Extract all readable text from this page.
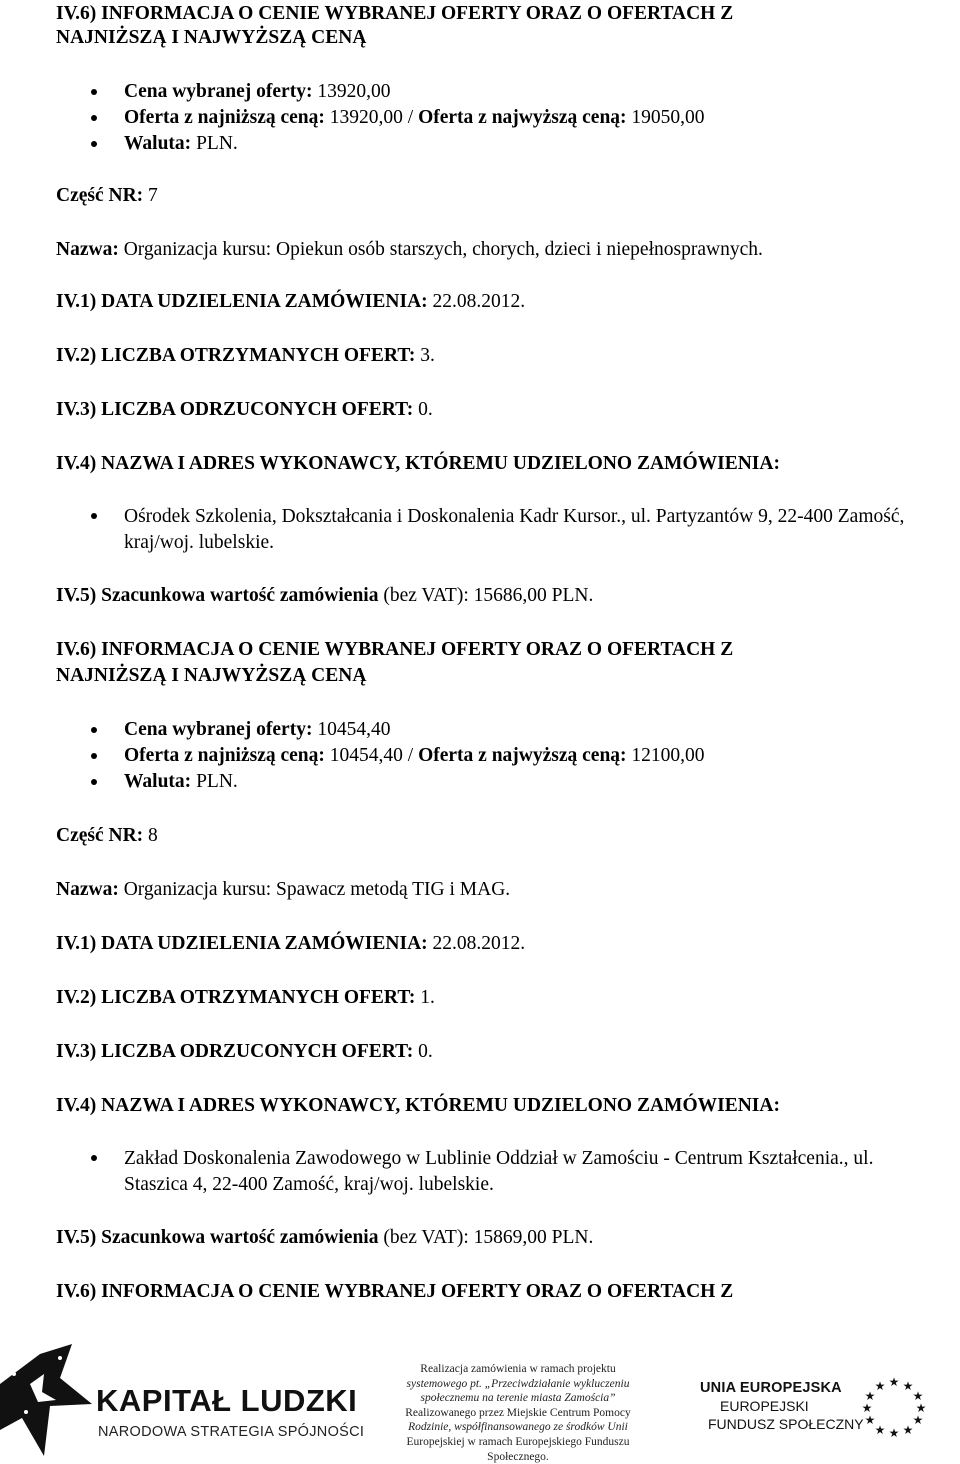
IV.6) INFORMACJA O CENIE WYBRANEJ OFERTY ORAZ O OFERTACH Z
NAJNIŻSZĄ I NAJWYŻSZĄ CENĄ
Cena wybranej oferty: 13920,00
Oferta z najniższą ceną: 13920,00 / Oferta z najwyższą ceną: 19050,00
Waluta: PLN.
Część NR: 7
Nazwa: Organizacja kursu: Opiekun osób starszych, chorych, dzieci i niepełnosprawnych.
IV.1) DATA UDZIELENIA ZAMÓWIENIA: 22.08.2012.
IV.2) LICZBA OTRZYMANYCH OFERT: 3.
IV.3) LICZBA ODRZUCONYCH OFERT: 0.
IV.4) NAZWA I ADRES WYKONAWCY, KTÓREMU UDZIELONO ZAMÓWIENIA:
Ośrodek Szkolenia, Dokształcania i Doskonalenia Kadr Kursor., ul. Partyzantów 9, 22-400 Zamość, kraj/woj. lubelskie.
IV.5) Szacunkowa wartość zamówienia (bez VAT): 15686,00 PLN.
IV.6) INFORMACJA O CENIE WYBRANEJ OFERTY ORAZ O OFERTACH Z
NAJNIŻSZĄ I NAJWYŻSZĄ CENĄ
Cena wybranej oferty: 10454,40
Oferta z najniższą ceną: 10454,40 / Oferta z najwyższą ceną: 12100,00
Waluta: PLN.
Część NR: 8
Nazwa: Organizacja kursu: Spawacz metodą TIG i MAG.
IV.1) DATA UDZIELENIA ZAMÓWIENIA: 22.08.2012.
IV.2) LICZBA OTRZYMANYCH OFERT: 1.
IV.3) LICZBA ODRZUCONYCH OFERT: 0.
IV.4) NAZWA I ADRES WYKONAWCY, KTÓREMU UDZIELONO ZAMÓWIENIA:
Zakład Doskonalenia Zawodowego w Lublinie Oddział w Zamościu - Centrum Kształcenia., ul. Staszica 4, 22-400 Zamość, kraj/woj. lubelskie.
IV.5) Szacunkowa wartość zamówienia (bez VAT): 15869,00 PLN.
IV.6) INFORMACJA O CENIE WYBRANEJ OFERTY ORAZ O OFERTACH Z
KAPITAŁ LUDZKI
NARODOWA STRATEGIA SPÓJNOŚCI
Realizacja zamówienia w ramach projektu
systemowego pt. „Przeciwdziałanie wykluczeniu
społecznemu na terenie miasta Zamościa”
Realizowanego przez Miejskie Centrum Pomocy
Rodzinie, współfinansowanego ze środków Unii
Europejskiej w ramach Europejskiego Funduszu
Społecznego.
UNIA EUROPEJSKA
EUROPEJSKI
FUNDUSZ SPOŁECZNY
★ ★
★
★
★
★
★
★
★
★
★
★
